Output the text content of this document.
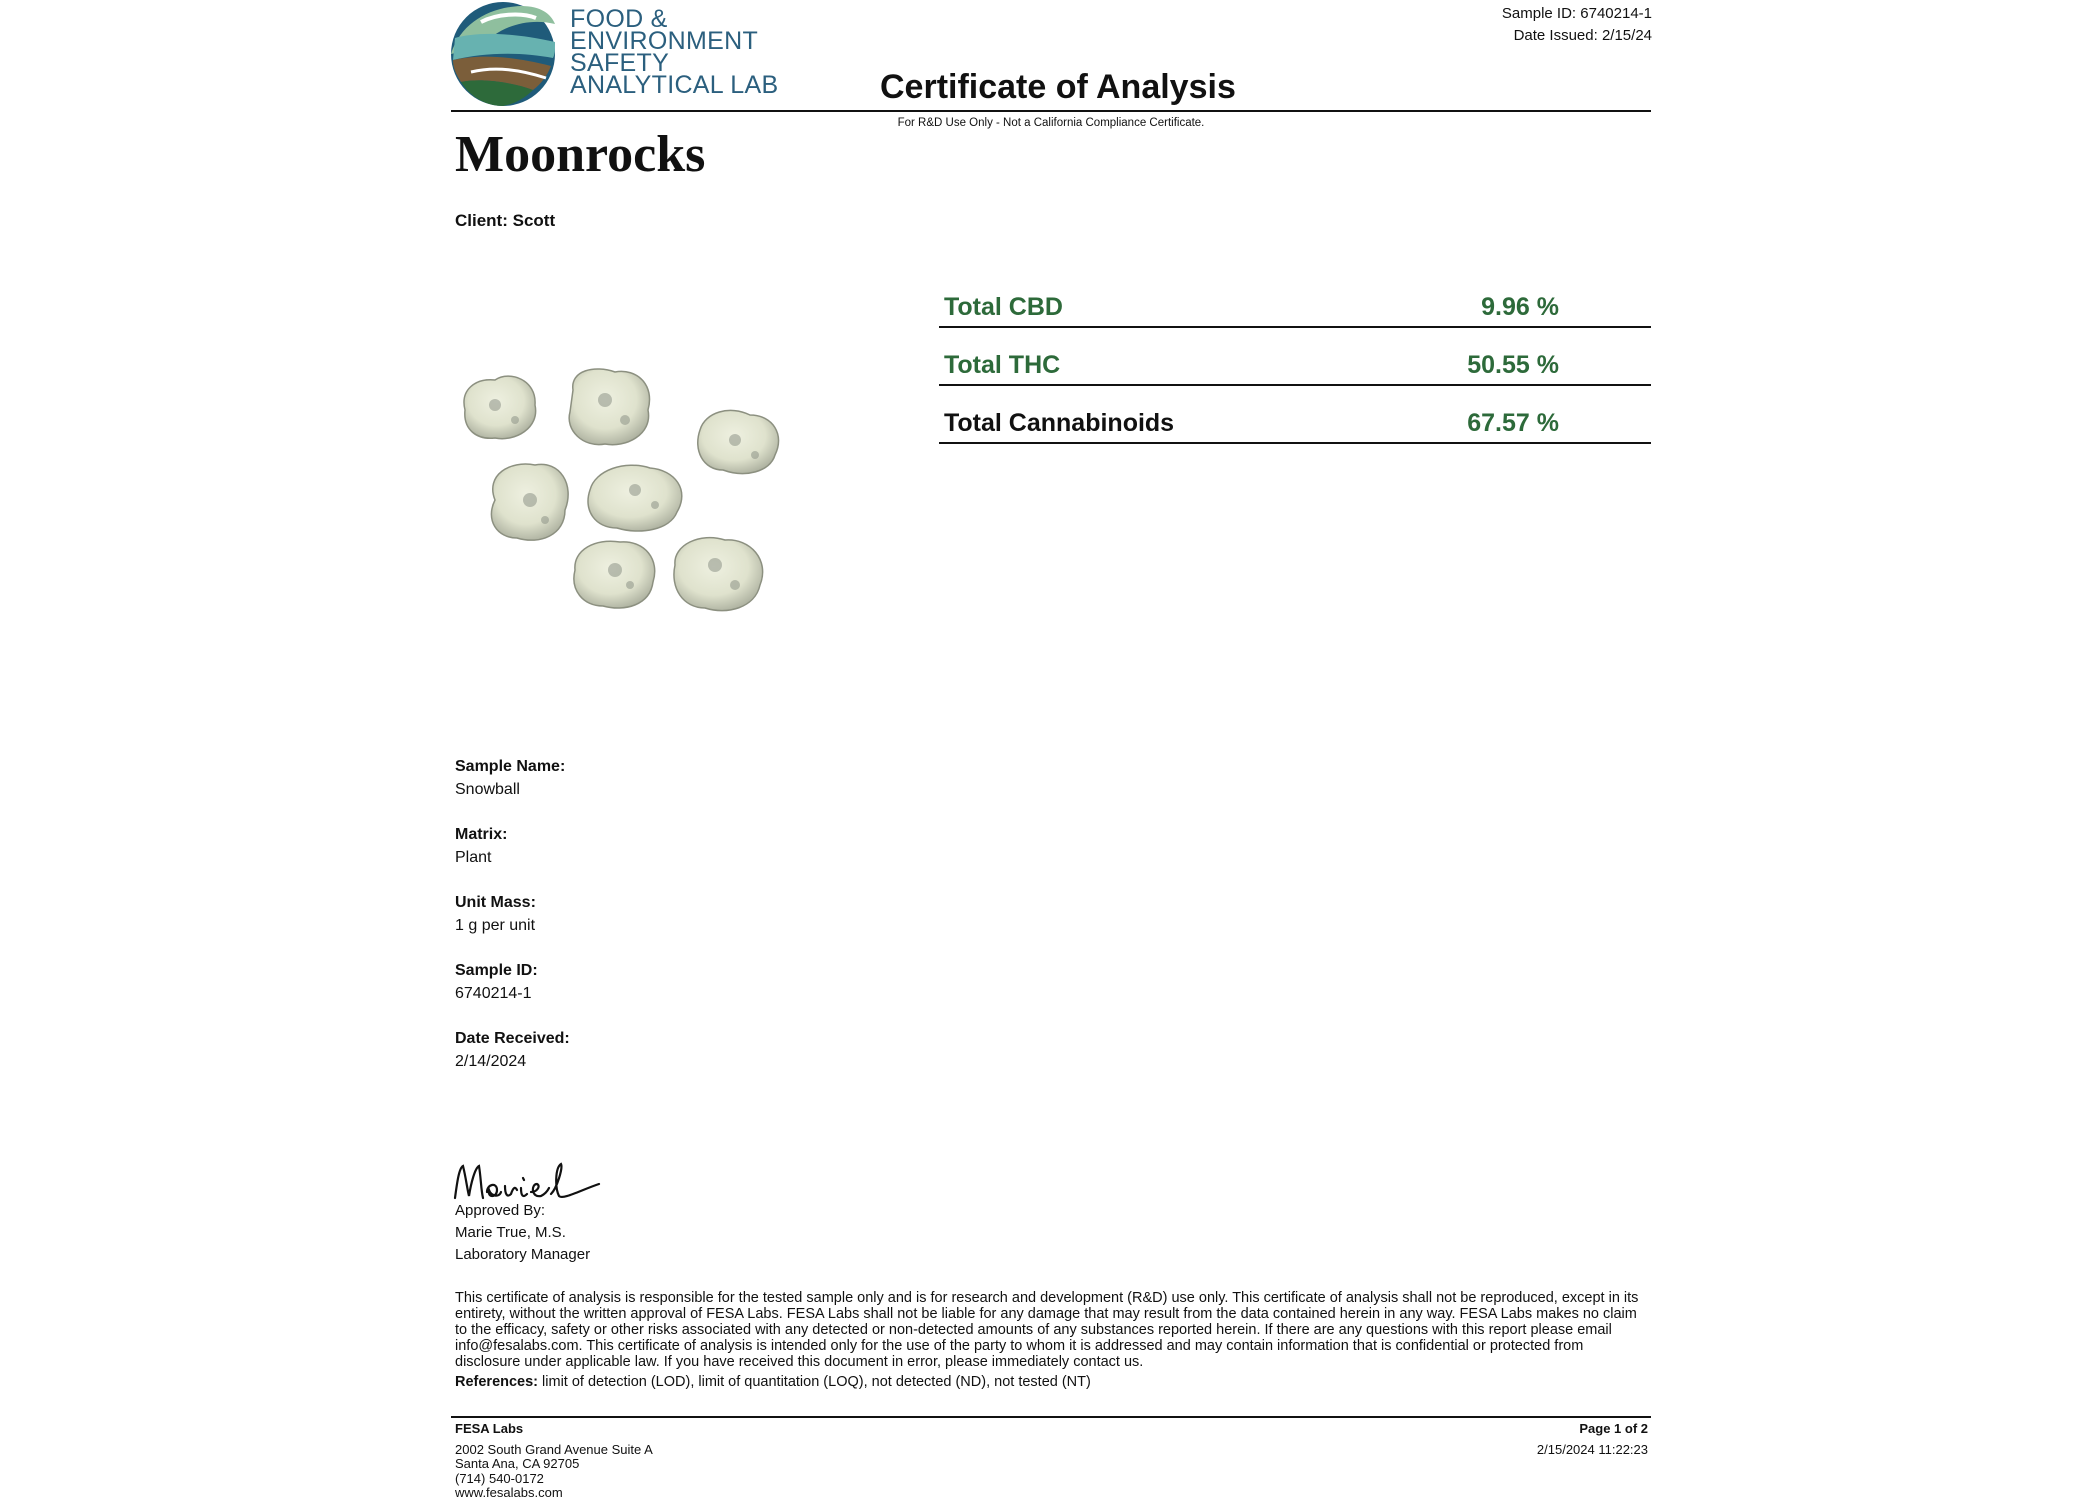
FOOD &
ENVIRONMENT
SAFETY
ANALYTICAL LAB
Sample ID: 6740214-1
Date Issued: 2/15/24
Certificate of Analysis
For R&D Use Only - Not a California Compliance Certificate.
Moonrocks
Client: Scott
Total CBD	9.96 %
Total THC	50.55 %
Total Cannabinoids	67.57 %
Sample Name:
Snowball
Matrix:
Plant
Unit Mass:
1 g per unit
Sample ID:
6740214-1
Date Received:
2/14/2024
Approved By:
Marie True, M.S.
Laboratory Manager
This certificate of analysis is responsible for the tested sample only and is for research and development (R&D) use only. This certificate of analysis shall not be reproduced, except in its entirety, without the written approval of FESA Labs. FESA Labs shall not be liable for any damage that may result from the data contained herein in any way. FESA Labs makes no claim to the efficacy, safety or other risks associated with any detected or non-detected amounts of any substances reported herein. If there are any questions with this report please email info@fesalabs.com. This certificate of analysis is intended only for the use of the party to whom it is addressed and may contain information that is confidential or protected from disclosure under applicable law. If you have received this document in error, please immediately contact us.
References: limit of detection (LOD), limit of quantitation (LOQ), not detected (ND), not tested (NT)
FESA Labs
2002 South Grand Avenue Suite A
Santa Ana, CA 92705
(714) 540-0172
www.fesalabs.com
Page 1 of 2
2/15/2024 11:22:23
